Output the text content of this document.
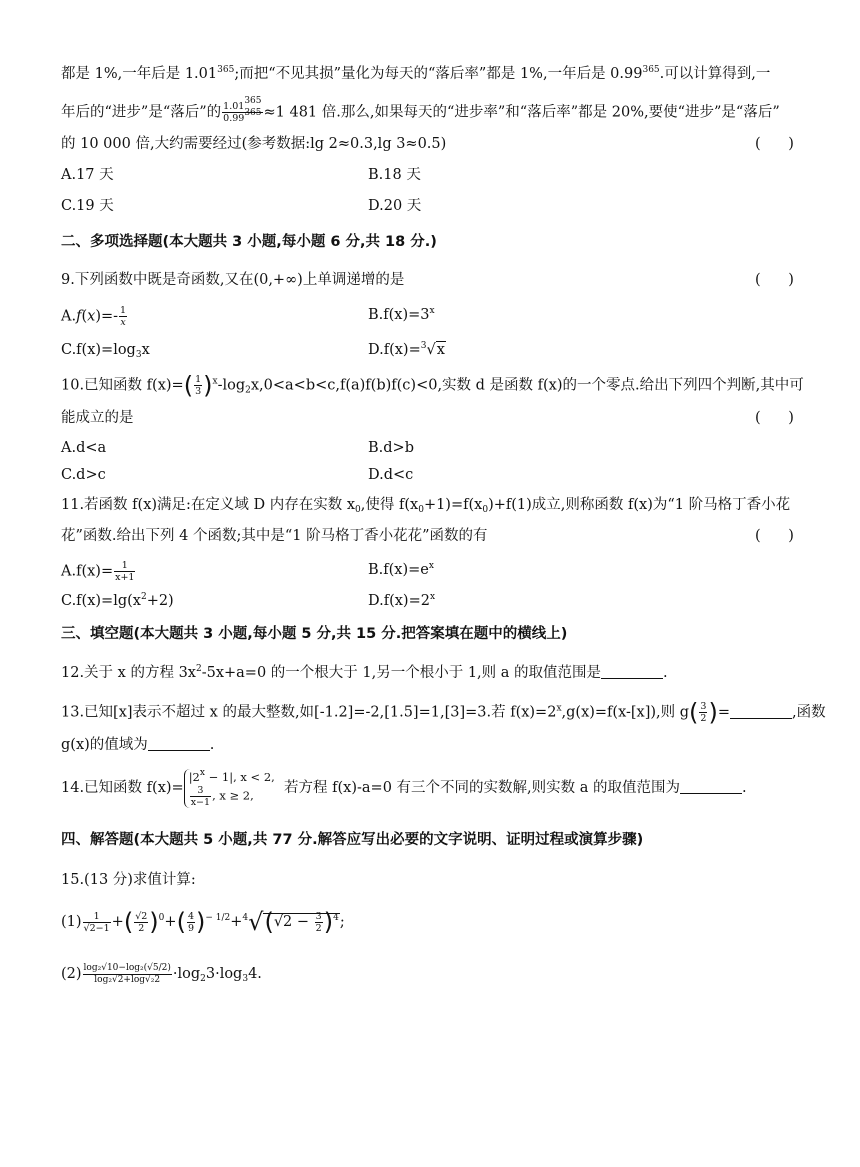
都是 1%,一年后是 1.01$^{365}$;而把“不见其损”量化为每天的“落后率”都是 1%,一年后是 0.99$^{365}$.可以计算得到,一
年后的“进步”是“落后”的 $\frac{1.01^{365}}{0.99^{365}} \approx 1$ 481 倍.那么,如果每天的“进步率”和“落后率”都是 20%,要使“进步”是“落后”
的 10 000 倍,大约需要经过(参考数据:lg 2≈0.3,lg 3≈0.5)	(      )
A.17 天	B.18 天
C.19 天	D.20 天
二、多项选择题(本大题共 3 小题,每小题 6 分,共 18 分.)
9.下列函数中既是奇函数,又在(0,+∞)上单调递增的是	(      )
$A.f(x)=- \frac{1}{x}$	$B.f(x)=3^x$
$C.f(x)=\log_3x$	D.f(x)=$^3$√x
10.已知函数 $f(x)=( \frac{1}{3} )^x-\log_2x,0<a<b<c,f(a)f(b)f(c)<0$,实数 d 是函数 f(x)的一个零点.给出下列四个判断,其中可
能成立的是	(      )
A.d<a	B.d>b
C.d>c	D.d<c
11.若函数 f(x)满足:在定义域 D 内存在实数 $x_0$,使得 $f(x_0+1)=f(x_0)+f(1)$成立,则称函数 f(x)为“1 阶马格丁香小花
花”函数.给出下列 4 个函数;其中是“1 阶马格丁香小花花”函数的有	(      )
$A.f(x)= \frac{1}{x+1}$	$B.f(x)=e^x$
$C.f(x)=\lg(x^2+2)$	$D.f(x)=2^x$
三、填空题(本大题共 3 小题,每小题 5 分,共 15 分.把答案填在题中的横线上)
12.关于 x 的方程 $3x^2-5x+a=0$ 的一个根大于 1,另一个根小于 1,则 a 的取值范围是	.
13.已知[x]表示不超过 x 的最大整数,如[-1.2]=-2,[1.5]=1,[3]=3.若 $f(x)=2^x,g(x)=f(x-[x])$,则 $g( \frac{3}{2}$ )=	,函数
g(x)的值域为	.
14.已知函数 f(x)=
$|2^x - 1|$, x < 2,
$\frac{3}{x-1}$ , x ≥ 2,	若方程 f(x)-a=0 有三个不同的实数解,则实数 a 的取值范围为	.
四、解答题(本大题共 5 小题,共 77 分.解答应写出必要的文字说明、证明过程或演算步骤)
15.(13 分)求值计算:
$(1) \frac{1}{√2-1}$ +( $\frac{√2}{2} )^0+( \frac{4}{9} )^{- 1/2}+^4√(√2 - \frac{3}{2} )^4$;
$(2) \frac{\text{log₂√10−log₂(√5/2)}}{\text{log₂√2+log√₂2}} \cdot\log_23\cdot\log_34$.
